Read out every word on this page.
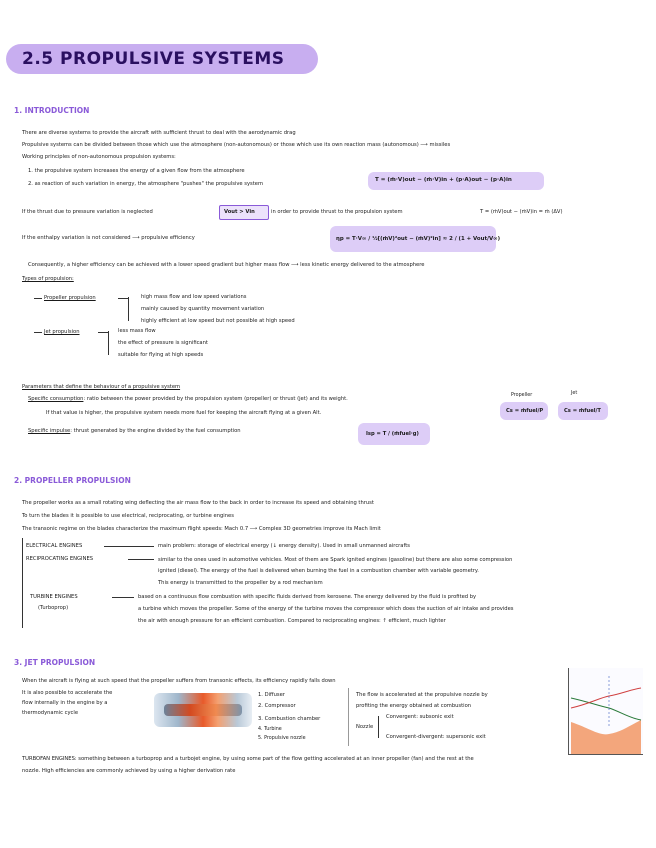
2.5 PROPULSIVE SYSTEMS
1. INTRODUCTION
There are diverse systems to provide the aircraft with sufficient thrust to deal with the aerodynamic drag
Propulsive systems can be divided between those which use the atmosphere (non-autonomous) or those which use its own reaction mass (autonomous) ⟶ missiles
Working principles of non-autonomous propulsion systems:
1. the propulsive system increases the energy of a given flow from the atmosphere
2. as reaction of such variation in energy, the atmosphere "pushes" the propulsive system
T = (ṁ·V)out − (ṁ·V)in + (p·A)out − (p·A)in
If the thrust due to pressure variation is neglected	Vout > Vin	in order to provide thrust to the propulsion system	T = (ṁV)out − (ṁV)in = ṁ (ΔV)
If the enthalpy variation is not considered ⟶ propulsive efficiency	ηp = T·V∞ / ½[(ṁV)²out − (ṁV)²in] ≈ 2 / (1 + Vout/V∞)
Consequently, a higher efficiency can be achieved with a lower speed gradient but higher mass flow ⟶ less kinetic energy delivered to the atmosphere
Types of propulsion:
Propeller propulsion	high mass flow and low speed variations
mainly caused by quantity movement variation
highly efficient at low speed but not possible at high speed
Jet propulsion	less mass flow
the effect of pressure is significant
suitable for flying at high speeds
Parameters that define the behaviour of a propulsive system
Specific consumption: ratio between the power provided by the propulsion system (propeller) or thrust (jet) and its weight.
If that value is higher, the propulsive system needs more fuel for keeping the aircraft flying at a given Alt.
Propeller
Cs = ṁfuel/P
Jet
Cs = ṁfuel/T
Specific impulse: thrust generated by the engine divided by the fuel consumption	Isp = T / (ṁfuel·g)
2. PROPELLER PROPULSION
The propeller works as a small rotating wing deflecting the air mass flow to the back in order to increase its speed and obtaining thrust
To turn the blades it is possible to use electrical, reciprocating, or turbine engines
The transonic regime on the blades characterize the maximum flight speeds: Mach 0.7 ⟶ Complex 3D geometries improve its Mach limit
ELECTRICAL ENGINES	main problem: storage of electrical energy (↓ energy density). Used in small unmanned aircrafts
RECIPROCATING ENGINES	similar to the ones used in automotive vehicles. Most of them are Spark ignited engines (gasoline) but there are also some compression
ignited (diesel). The energy of the fuel is delivered when burning the fuel in a combustion chamber with variable geometry.
This energy is transmitted to the propeller by a rod mechanism
TURBINE ENGINES
(Turboprop)
based on a continuous flow combustion with specific fluids derived from kerosene. The energy delivered by the fluid is profited by
a turbine which moves the propeller. Some of the energy of the turbine moves the compressor which does the suction of air intake and provides
the air with enough pressure for an efficient combustion. Compared to reciprocating engines: ↑ efficient, much lighter
3. JET PROPULSION
When the aircraft is flying at such speed that the propeller suffers from transonic effects, its efficiency rapidly falls down
It is also possible to accelerate the
flow internally in the engine by a
thermodynamic cycle
1. Diffuser
2. Compressor
3. Combustion chamber
4. Turbine
5. Propulsive nozzle
The flow is accelerated at the propulsive nozzle by
profiting the energy obtained at combustion
Nozzle
Convergent: subsonic exit
Convergent-divergent: supersonic exit
TURBOFAN ENGINES: something between a turboprop and a turbojet engine, by using some part of the flow getting accelerated at an inner propeller (fan) and the rest at the
nozzle. High efficiencies are commonly achieved by using a higher derivation rate
